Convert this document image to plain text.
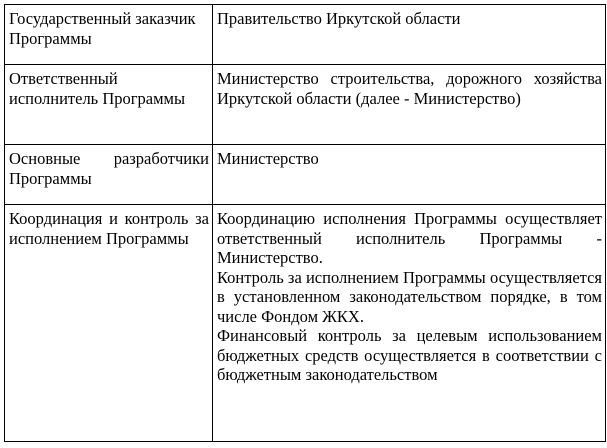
Государственный заказчик Программы	Правительство Иркутской области

Ответственный исполнитель Программы	Министерство строительства, дорожного хозяйства Иркутской области (далее - Министерство)

Основные разработчики Программы	Министерство

Координация и контроль за исполнением Программы	Координацию исполнения Программы осуществляет ответственный исполнитель Программы - Министерство.
Контроль за исполнением Программы осуществляется в установленном законодательством порядке, в том числе Фондом ЖКХ.
Финансовый контроль за целевым использованием бюджетных средств осуществляется в соответствии с бюджетным законодательством
